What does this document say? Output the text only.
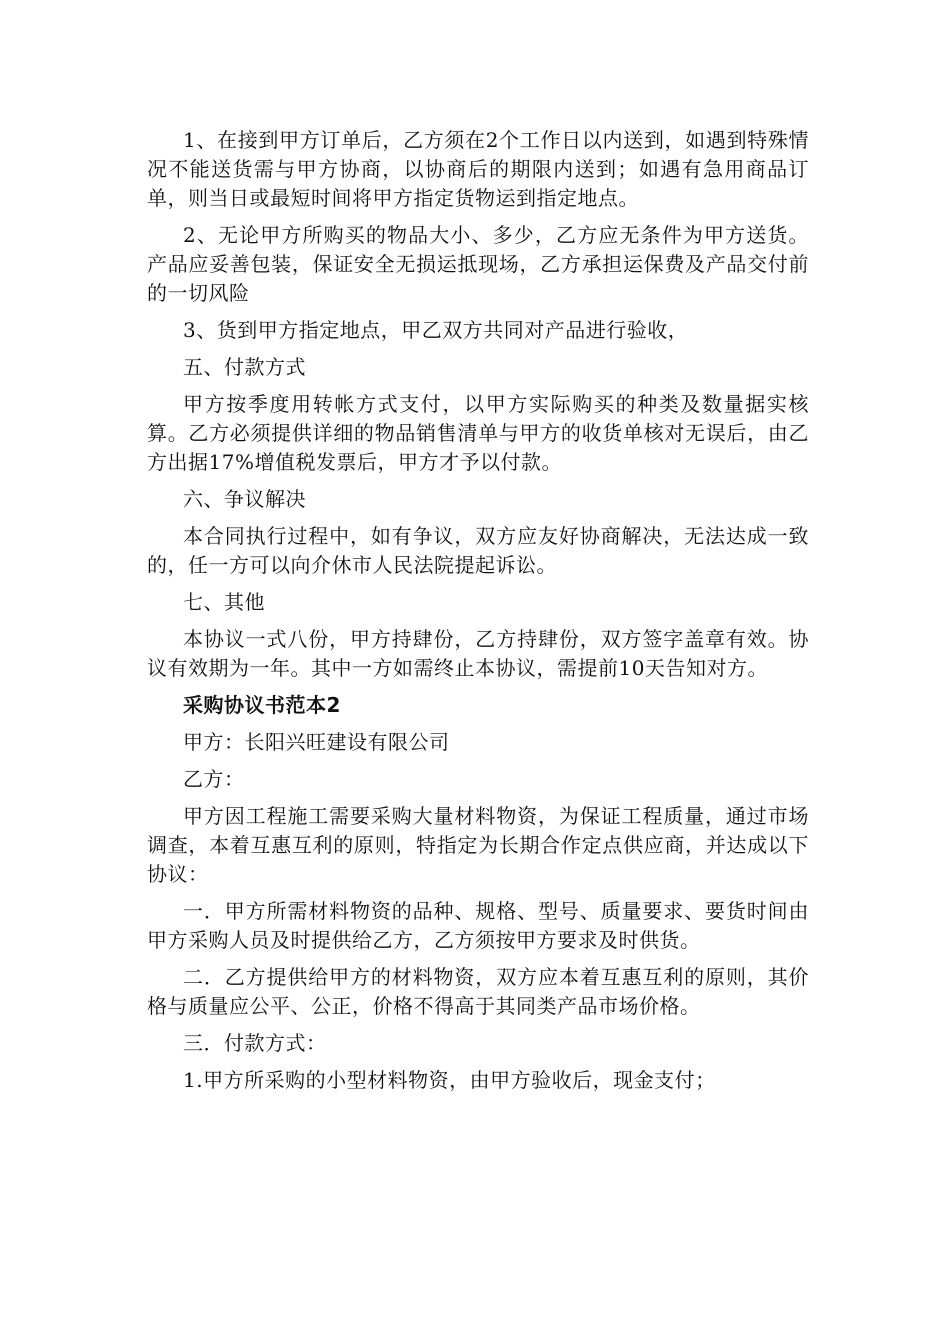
1、在接到甲方订单后，乙方须在2个工作日以内送到，如遇到特殊情况不能送货需与甲方协商，以协商后的期限内送到；如遇有急用商品订单，则当日或最短时间将甲方指定货物运到指定地点。

2、无论甲方所购买的物品大小、多少，乙方应无条件为甲方送货。产品应妥善包装，保证安全无损运抵现场，乙方承担运保费及产品交付前的一切风险

3、货到甲方指定地点，甲乙双方共同对产品进行验收，

五、付款方式

甲方按季度用转帐方式支付，以甲方实际购买的种类及数量据实核算。乙方必须提供详细的物品销售清单与甲方的收货单核对无误后，由乙方出据17%增值税发票后，甲方才予以付款。

六、争议解决

本合同执行过程中，如有争议，双方应友好协商解决，无法达成一致的，任一方可以向介休市人民法院提起诉讼。

七、其他

本协议一式八份，甲方持肆份，乙方持肆份，双方签字盖章有效。协议有效期为一年。其中一方如需终止本协议，需提前10天告知对方。

采购协议书范本2

甲方：长阳兴旺建设有限公司

乙方：

甲方因工程施工需要采购大量材料物资，为保证工程质量，通过市场调查，本着互惠互利的原则，特指定为长期合作定点供应商，并达成以下协议：

一．甲方所需材料物资的品种、规格、型号、质量要求、要货时间由甲方采购人员及时提供给乙方，乙方须按甲方要求及时供货。

二．乙方提供给甲方的材料物资，双方应本着互惠互利的原则，其价格与质量应公平、公正，价格不得高于其同类产品市场价格。

三．付款方式：

1.甲方所采购的小型材料物资，由甲方验收后，现金支付；
